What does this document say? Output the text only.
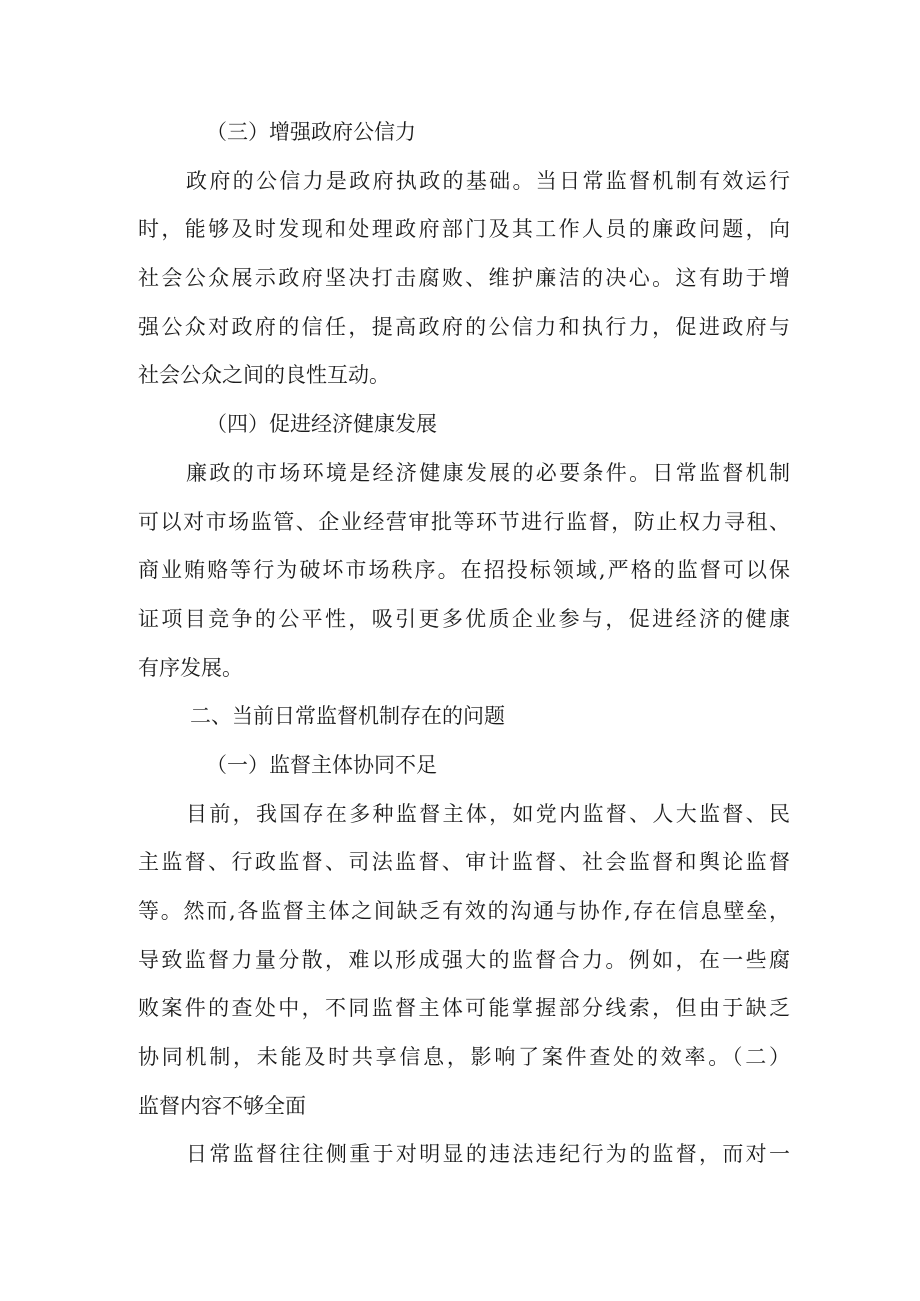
（三）增强政府公信力
政府的公信力是政府执政的基础。当日常监督机制有效运行
时，能够及时发现和处理政府部门及其工作人员的廉政问题，向
社会公众展示政府坚决打击腐败、维护廉洁的决心。这有助于增
强公众对政府的信任，提高政府的公信力和执行力，促进政府与
社会公众之间的良性互动。
（四）促进经济健康发展
廉政的市场环境是经济健康发展的必要条件。日常监督机制
可以对市场监管、企业经营审批等环节进行监督，防止权力寻租、
商业贿赂等行为破坏市场秩序。在招投标领域,严格的监督可以保
证项目竞争的公平性，吸引更多优质企业参与，促进经济的健康
有序发展。
二、当前日常监督机制存在的问题
（一）监督主体协同不足
目前，我国存在多种监督主体，如党内监督、人大监督、民
主监督、行政监督、司法监督、审计监督、社会监督和舆论监督
等。然而,各监督主体之间缺乏有效的沟通与协作,存在信息壁垒，
导致监督力量分散，难以形成强大的监督合力。例如，在一些腐
败案件的查处中，不同监督主体可能掌握部分线索，但由于缺乏
协同机制，未能及时共享信息，影响了案件查处的效率。（二）
监督内容不够全面
日常监督往往侧重于对明显的违法违纪行为的监督，而对一
